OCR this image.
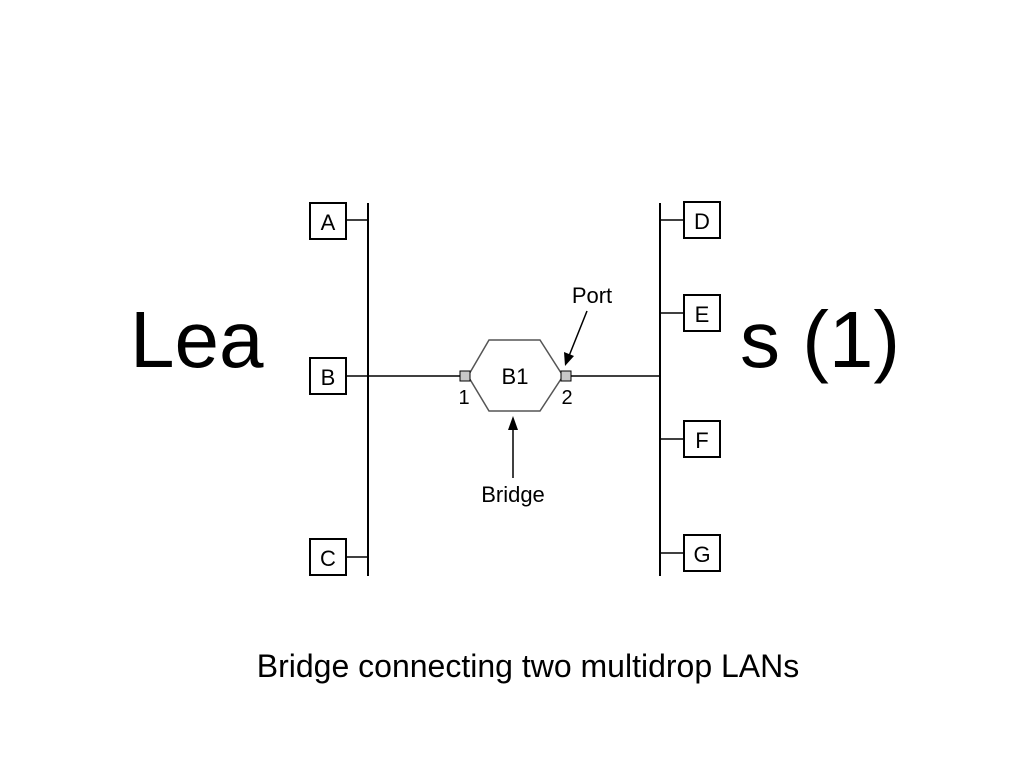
Lea	s (1)
A
B
C
D
E
F
G
B1
1	2
Port
Bridge
Bridge connecting two multidrop LANs
